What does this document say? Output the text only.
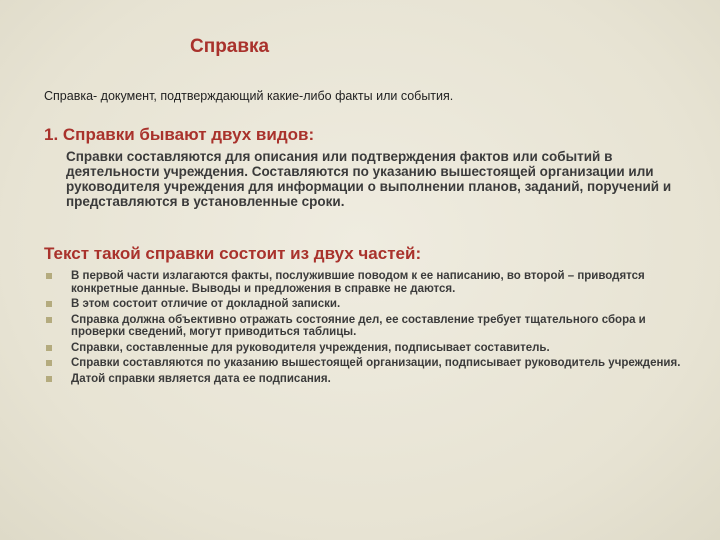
Справка
Справка- документ, подтверждающий какие-либо факты или события.
1. Справки бывают двух видов:
Справки составляются для описания или подтверждения фактов или событий в деятельности учреждения. Составляются по указанию вышестоящей организации или руководителя учреждения для информации о выполнении планов, заданий, поручений и представляются в установленные сроки.
Текст такой справки состоит из двух частей:
В первой части излагаются факты, послужившие поводом к ее написанию, во второй – приводятся конкретные данные. Выводы и предложения в справке не даются.
В этом состоит отличие от докладной записки.
Справка должна объективно отражать состояние дел, ее составление требует тщательного сбора и проверки сведений, могут приводиться таблицы.
Справки, составленные для руководителя учреждения, подписывает составитель.
Справки составляются по указанию вышестоящей организации, подписывает руководитель учреждения.
Датой справки является дата ее подписания.
